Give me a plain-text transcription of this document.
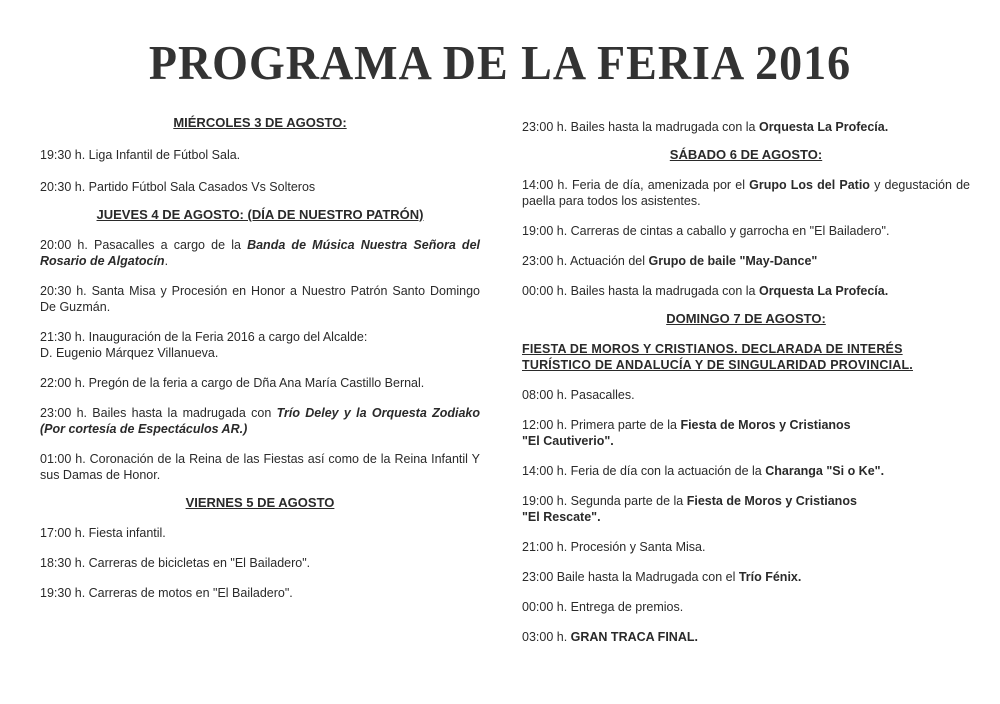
PROGRAMA DE LA FERIA 2016

MIÉRCOLES 3 DE AGOSTO:

19:30 h. Liga Infantil de Fútbol Sala.

20:30 h. Partido Fútbol Sala Casados Vs Solteros

JUEVES 4 DE AGOSTO: (DÍA DE NUESTRO PATRÓN)

20:00 h. Pasacalles a cargo de la Banda de Música Nuestra Señora del Rosario de Algatocín.

20:30 h. Santa Misa y Procesión en Honor a Nuestro Patrón Santo Domingo De Guzmán.

21:30 h. Inauguración de la Feria 2016 a cargo del Alcalde:
D. Eugenio Márquez Villanueva.

22:00 h. Pregón de la feria a cargo de Dña Ana María Castillo Bernal.

23:00 h. Bailes hasta la madrugada con Trío Deley y la Orquesta Zodiako (Por cortesía de Espectáculos AR.)

01:00 h. Coronación de la Reina de las Fiestas así como de la Reina Infantil Y sus Damas de Honor.

VIERNES 5 DE AGOSTO

17:00 h. Fiesta infantil.

18:30 h. Carreras de bicicletas en "El Bailadero".

19:30 h. Carreras de motos en "El Bailadero".

23:00 h. Bailes hasta la madrugada con la Orquesta La Profecía.

SÁBADO 6 DE AGOSTO:

14:00 h. Feria de día, amenizada por el Grupo Los del Patio y degustación de paella para todos los asistentes.

19:00 h. Carreras de cintas a caballo y garrocha en "El Bailadero".

23:00 h. Actuación del Grupo de baile "May-Dance"

00:00 h. Bailes hasta la madrugada con la Orquesta La Profecía.

DOMINGO 7 DE AGOSTO:

FIESTA DE MOROS Y CRISTIANOS. DECLARADA DE INTERÉS
TURÍSTICO DE ANDALUCÍA Y DE SINGULARIDAD PROVINCIAL.

08:00 h. Pasacalles.

12:00 h. Primera parte de la Fiesta de Moros y Cristianos
"El Cautiverio".

14:00 h. Feria de día con la actuación de la Charanga "Si o Ke".

19:00 h. Segunda parte de la Fiesta de Moros y Cristianos
"El Rescate".

21:00 h. Procesión y Santa Misa.

23:00 Baile hasta la Madrugada con el Trío Fénix.

00:00 h. Entrega de premios.

03:00 h. GRAN TRACA FINAL.
